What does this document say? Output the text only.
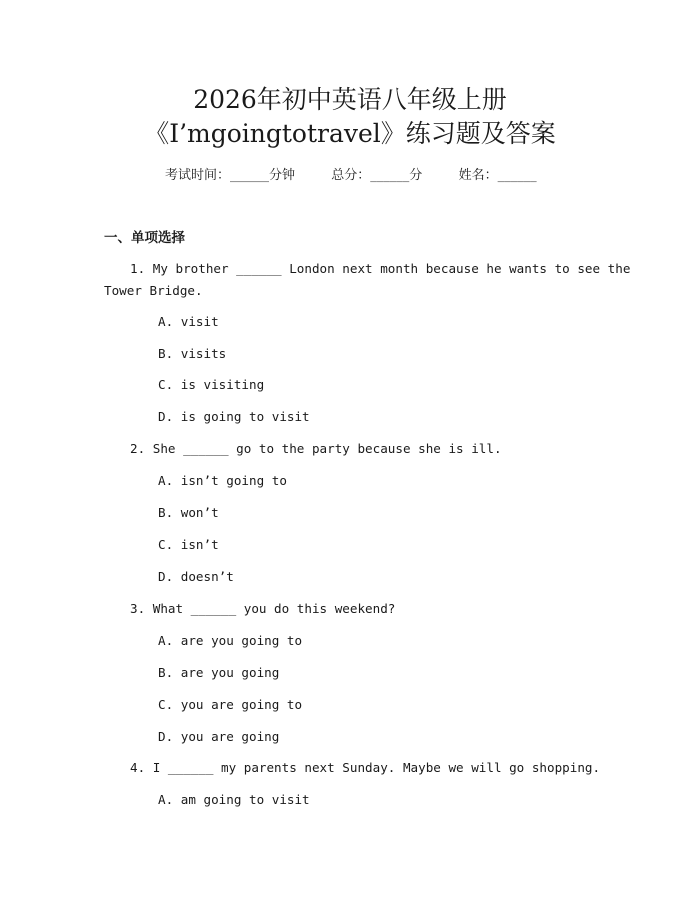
2026年初中英语八年级上册
《I’mgoingtotravel》练习题及答案
考试时间：______分钟	总分：______分	姓名：______
一、单项选择
1. My brother ______ London next month because he wants to see the
Tower Bridge.
A. visit
B. visits
C. is visiting
D. is going to visit
2. She ______ go to the party because she is ill.
A. isn’t going to
B. won’t
C. isn’t
D. doesn’t
3. What ______ you do this weekend?
A. are you going to
B. are you going
C. you are going to
D. you are going
4. I ______ my parents next Sunday. Maybe we will go shopping.
A. am going to visit
